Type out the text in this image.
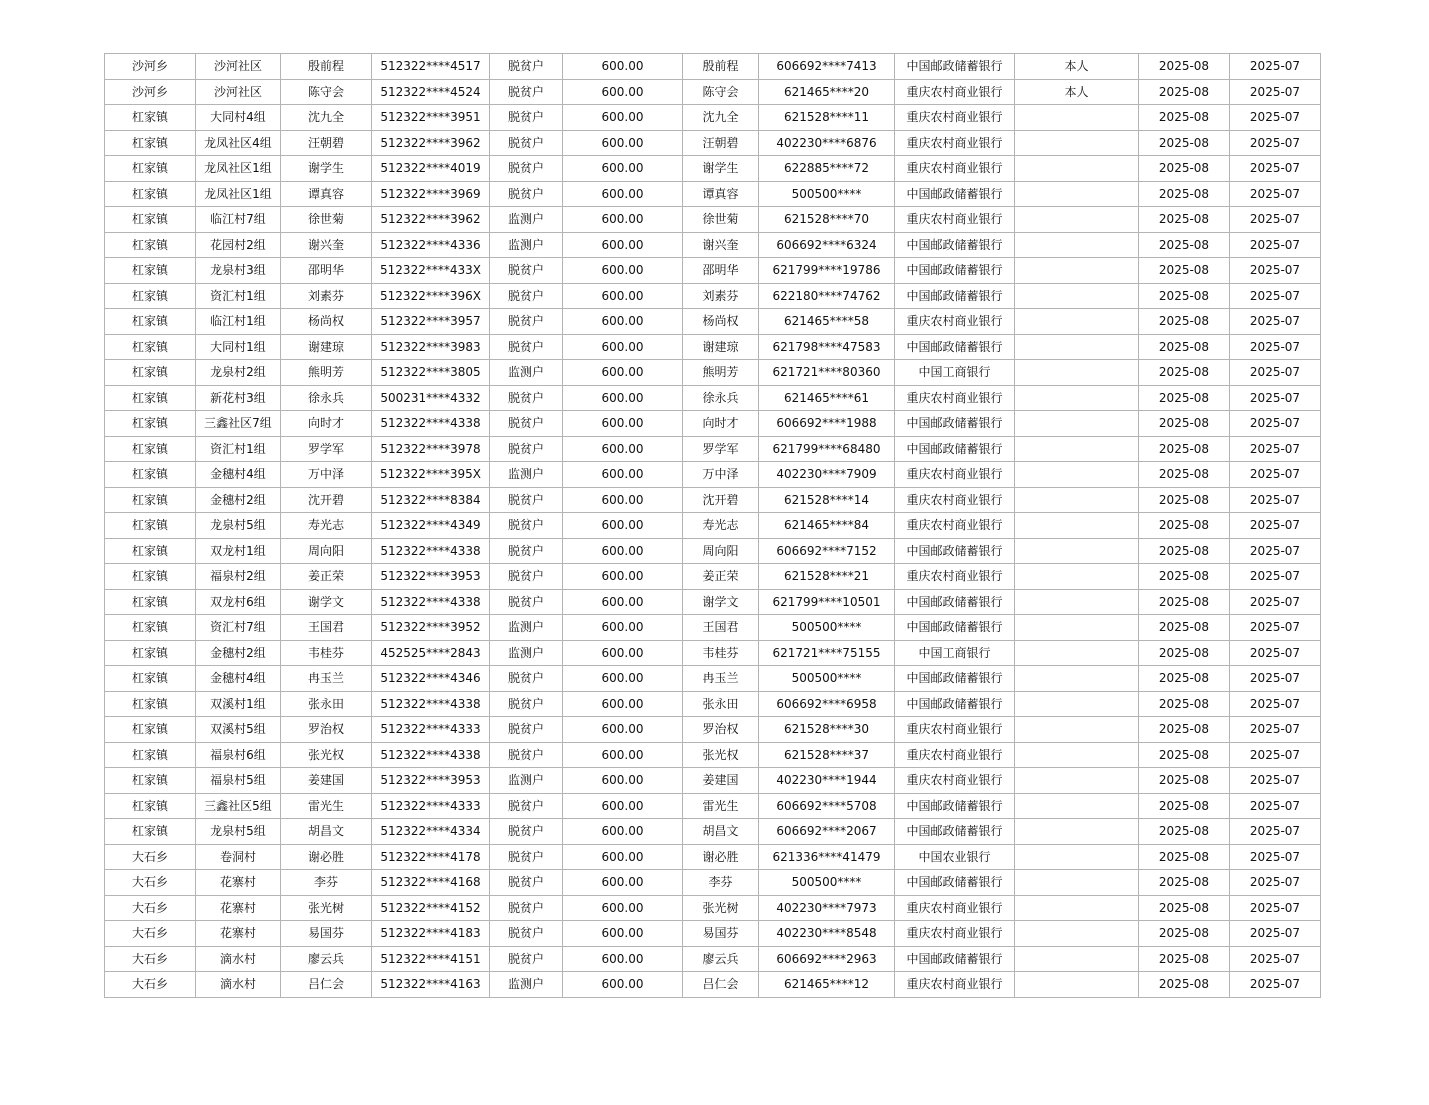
沙河乡	沙河社区	殷前程	512322****4517	脱贫户	600.00	殷前程	606692****7413	中国邮政储蓄银行	本人	2025-08	2025-07
沙河乡	沙河社区	陈守会	512322****4524	脱贫户	600.00	陈守会	621465****20	重庆农村商业银行	本人	2025-08	2025-07
杠家镇	大同村4组	沈九全	512322****3951	脱贫户	600.00	沈九全	621528****11	重庆农村商业银行		2025-08	2025-07
杠家镇	龙凤社区4组	汪朝碧	512322****3962	脱贫户	600.00	汪朝碧	402230****6876	重庆农村商业银行		2025-08	2025-07
杠家镇	龙凤社区1组	谢学生	512322****4019	脱贫户	600.00	谢学生	622885****72	重庆农村商业银行		2025-08	2025-07
杠家镇	龙凤社区1组	谭真容	512322****3969	脱贫户	600.00	谭真容	500500****	中国邮政储蓄银行		2025-08	2025-07
杠家镇	临江村7组	徐世菊	512322****3962	监测户	600.00	徐世菊	621528****70	重庆农村商业银行		2025-08	2025-07
杠家镇	花园村2组	谢兴奎	512322****4336	监测户	600.00	谢兴奎	606692****6324	中国邮政储蓄银行		2025-08	2025-07
杠家镇	龙泉村3组	邵明华	512322****433X	脱贫户	600.00	邵明华	621799****19786	中国邮政储蓄银行		2025-08	2025-07
杠家镇	资汇村1组	刘素芬	512322****396X	脱贫户	600.00	刘素芬	622180****74762	中国邮政储蓄银行		2025-08	2025-07
杠家镇	临江村1组	杨尚权	512322****3957	脱贫户	600.00	杨尚权	621465****58	重庆农村商业银行		2025-08	2025-07
杠家镇	大同村1组	谢建琼	512322****3983	脱贫户	600.00	谢建琼	621798****47583	中国邮政储蓄银行		2025-08	2025-07
杠家镇	龙泉村2组	熊明芳	512322****3805	监测户	600.00	熊明芳	621721****80360	中国工商银行		2025-08	2025-07
杠家镇	新花村3组	徐永兵	500231****4332	脱贫户	600.00	徐永兵	621465****61	重庆农村商业银行		2025-08	2025-07
杠家镇	三鑫社区7组	向时才	512322****4338	脱贫户	600.00	向时才	606692****1988	中国邮政储蓄银行		2025-08	2025-07
杠家镇	资汇村1组	罗学军	512322****3978	脱贫户	600.00	罗学军	621799****68480	中国邮政储蓄银行		2025-08	2025-07
杠家镇	金穗村4组	万中泽	512322****395X	监测户	600.00	万中泽	402230****7909	重庆农村商业银行		2025-08	2025-07
杠家镇	金穗村2组	沈开碧	512322****8384	脱贫户	600.00	沈开碧	621528****14	重庆农村商业银行		2025-08	2025-07
杠家镇	龙泉村5组	寿光志	512322****4349	脱贫户	600.00	寿光志	621465****84	重庆农村商业银行		2025-08	2025-07
杠家镇	双龙村1组	周向阳	512322****4338	脱贫户	600.00	周向阳	606692****7152	中国邮政储蓄银行		2025-08	2025-07
杠家镇	福泉村2组	姜正荣	512322****3953	脱贫户	600.00	姜正荣	621528****21	重庆农村商业银行		2025-08	2025-07
杠家镇	双龙村6组	谢学文	512322****4338	脱贫户	600.00	谢学文	621799****10501	中国邮政储蓄银行		2025-08	2025-07
杠家镇	资汇村7组	王国君	512322****3952	监测户	600.00	王国君	500500****	中国邮政储蓄银行		2025-08	2025-07
杠家镇	金穗村2组	韦桂芬	452525****2843	监测户	600.00	韦桂芬	621721****75155	中国工商银行		2025-08	2025-07
杠家镇	金穗村4组	冉玉兰	512322****4346	脱贫户	600.00	冉玉兰	500500****	中国邮政储蓄银行		2025-08	2025-07
杠家镇	双溪村1组	张永田	512322****4338	脱贫户	600.00	张永田	606692****6958	中国邮政储蓄银行		2025-08	2025-07
杠家镇	双溪村5组	罗治权	512322****4333	脱贫户	600.00	罗治权	621528****30	重庆农村商业银行		2025-08	2025-07
杠家镇	福泉村6组	张光权	512322****4338	脱贫户	600.00	张光权	621528****37	重庆农村商业银行		2025-08	2025-07
杠家镇	福泉村5组	姜建国	512322****3953	监测户	600.00	姜建国	402230****1944	重庆农村商业银行		2025-08	2025-07
杠家镇	三鑫社区5组	雷光生	512322****4333	脱贫户	600.00	雷光生	606692****5708	中国邮政储蓄银行		2025-08	2025-07
杠家镇	龙泉村5组	胡昌文	512322****4334	脱贫户	600.00	胡昌文	606692****2067	中国邮政储蓄银行		2025-08	2025-07
大石乡	卷洞村	谢必胜	512322****4178	脱贫户	600.00	谢必胜	621336****41479	中国农业银行		2025-08	2025-07
大石乡	花寨村	李芬	512322****4168	脱贫户	600.00	李芬	500500****	中国邮政储蓄银行		2025-08	2025-07
大石乡	花寨村	张光树	512322****4152	脱贫户	600.00	张光树	402230****7973	重庆农村商业银行		2025-08	2025-07
大石乡	花寨村	易国芬	512322****4183	脱贫户	600.00	易国芬	402230****8548	重庆农村商业银行		2025-08	2025-07
大石乡	滴水村	廖云兵	512322****4151	脱贫户	600.00	廖云兵	606692****2963	中国邮政储蓄银行		2025-08	2025-07
大石乡	滴水村	吕仁会	512322****4163	监测户	600.00	吕仁会	621465****12	重庆农村商业银行		2025-08	2025-07
